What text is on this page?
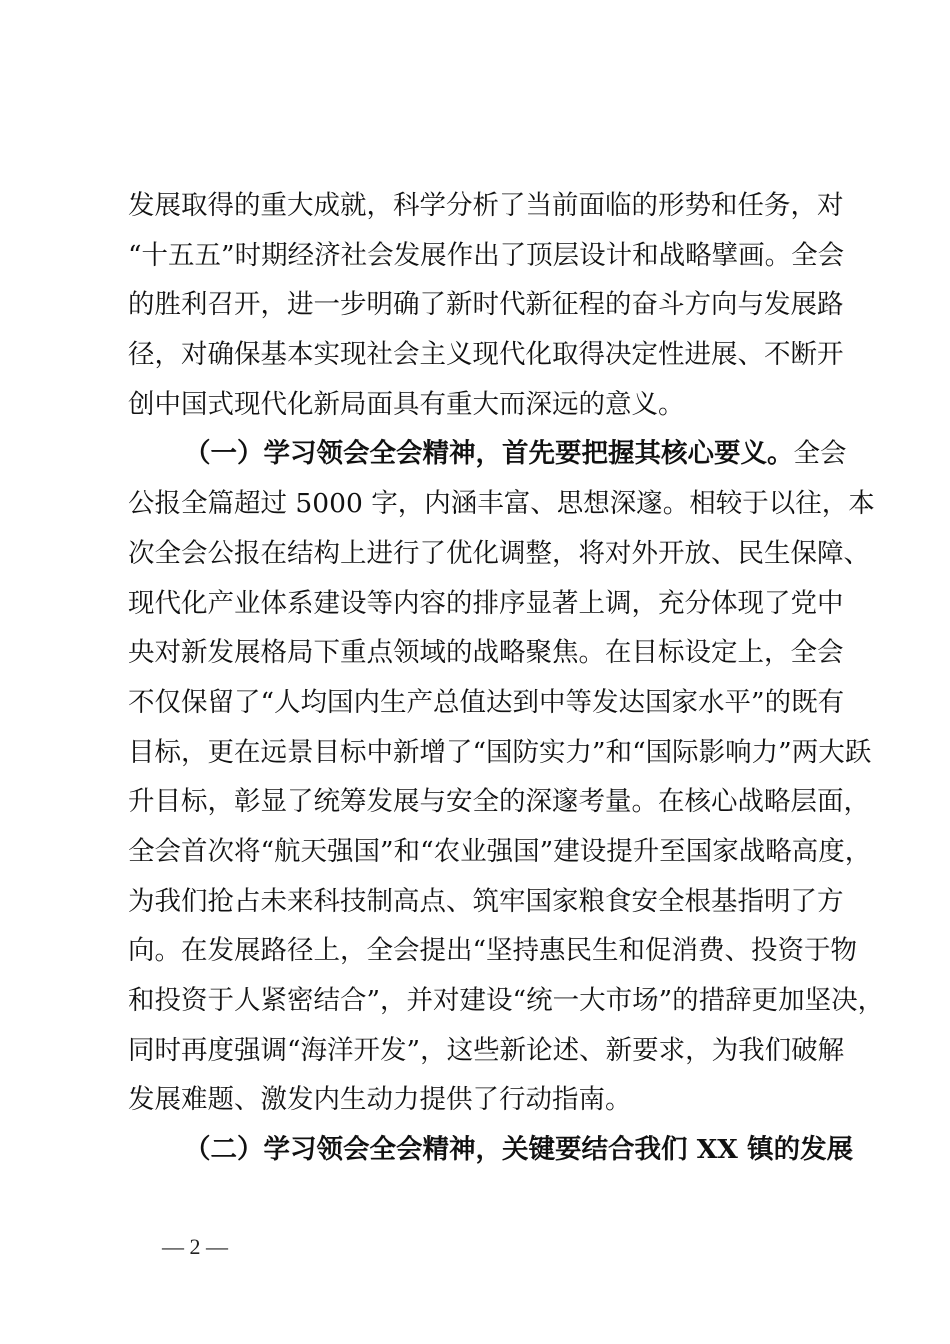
发展取得的重大成就，科学分析了当前面临的形势和任务，对
“十五五”时期经济社会发展作出了顶层设计和战略擘画。全会
的胜利召开，进一步明确了新时代新征程的奋斗方向与发展路
径，对确保基本实现社会主义现代化取得决定性进展、不断开
创中国式现代化新局面具有重大而深远的意义。
（一）学习领会全会精神，首先要把握其核心要义。全会
公报全篇超过 5000 字，内涵丰富、思想深邃。相较于以往，本
次全会公报在结构上进行了优化调整，将对外开放、民生保障、
现代化产业体系建设等内容的排序显著上调，充分体现了党中
央对新发展格局下重点领域的战略聚焦。在目标设定上，全会
不仅保留了“人均国内生产总值达到中等发达国家水平”的既有
目标，更在远景目标中新增了“国防实力”和“国际影响力”两大跃
升目标，彰显了统筹发展与安全的深邃考量。在核心战略层面，
全会首次将“航天强国”和“农业强国”建设提升至国家战略高度，
为我们抢占未来科技制高点、筑牢国家粮食安全根基指明了方
向。在发展路径上，全会提出“坚持惠民生和促消费、投资于物
和投资于人紧密结合”，并对建设“统一大市场”的措辞更加坚决，
同时再度强调“海洋开发”，这些新论述、新要求，为我们破解
发展难题、激发内生动力提供了行动指南。
（二）学习领会全会精神，关键要结合我们 XX 镇的发展
— 2 —
